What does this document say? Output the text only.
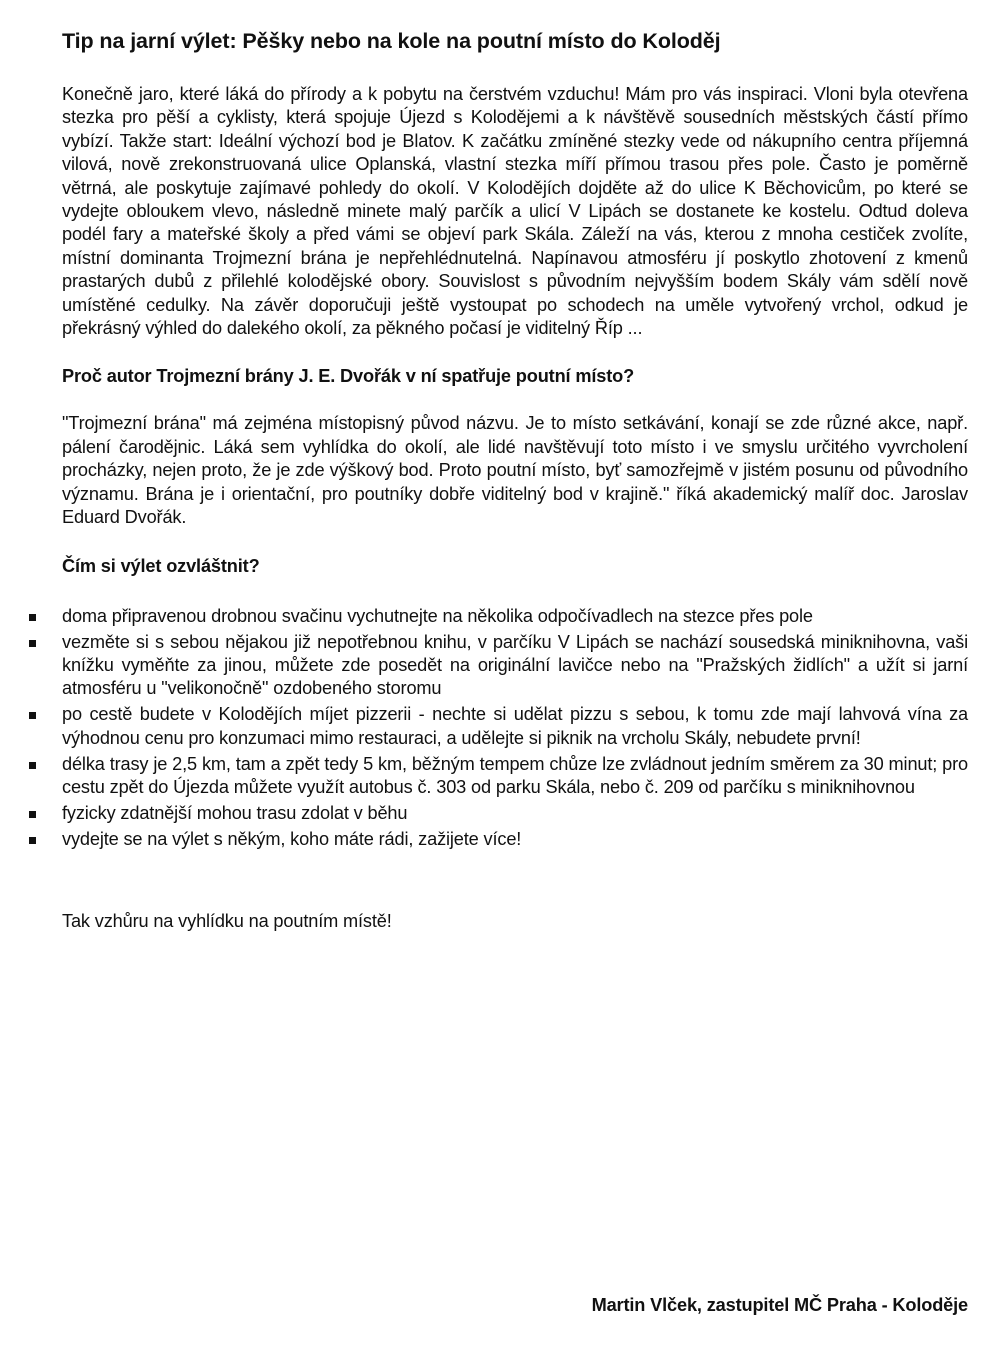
Tip na jarní výlet: Pěšky nebo na kole na poutní místo do Koloděj

Konečně jaro, které láká do přírody a k pobytu na čerstvém vzduchu! Mám pro vás inspiraci. Vloni byla otevřena stezka pro pěší a cyklisty, která spojuje Újezd s Kolodějemi a k návštěvě sousedních městských částí přímo vybízí. Takže start: Ideální výchozí bod je Blatov. K začátku zmíněné stezky vede od nákupního centra příjemná vilová, nově zrekonstruovaná ulice Oplanská, vlastní stezka míří přímou trasou přes pole. Často je poměrně větrná, ale poskytuje zajímavé pohledy do okolí. V Kolodějích dojděte až do ulice K Běchovicům, po které se vydejte obloukem vlevo, následně minete malý parčík a ulicí V Lipách se dostanete ke kostelu. Odtud doleva podél fary a mateřské školy a před vámi se objeví park Skála. Záleží na vás, kterou z mnoha cestiček zvolíte, místní dominanta Trojmezní brána je nepřehlédnutelná. Napínavou atmosféru jí poskytlo zhotovení z kmenů prastarých dubů z přilehlé kolodějské obory. Souvislost s původním nejvyšším bodem Skály vám sdělí nově umístěné cedulky. Na závěr doporučuji ještě vystoupat po schodech na uměle vytvořený vrchol, odkud je překrásný výhled do dalekého okolí, za pěkného počasí je viditelný Říp ...

Proč autor Trojmezní brány J. E. Dvořák v ní spatřuje poutní místo?

"Trojmezní brána" má zejména místopisný původ názvu. Je to místo setkávání, konají se zde různé akce, např. pálení čarodějnic. Láká sem vyhlídka do okolí, ale lidé navštěvují toto místo i ve smyslu určitého vyvrcholení procházky, nejen proto, že je zde výškový bod. Proto poutní místo, byť samozřejmě v jistém posunu od původního významu. Brána je i orientační, pro poutníky dobře viditelný bod v krajině." říká akademický malíř doc. Jaroslav Eduard Dvořák.

Čím si výlet ozvláštnit?
doma připravenou drobnou svačinu vychutnejte na několika odpočívadlech na stezce přes pole
vezměte si s sebou nějakou již nepotřebnou knihu, v parčíku V Lipách se nachází sousedská miniknihovna, vaši knížku vyměňte za jinou, můžete zde posedět na originální lavičce nebo na "Pražských židlích" a užít si jarní atmosféru u "velikonočně" ozdobeného storomu
po cestě budete v Kolodějích míjet pizzerii - nechte si udělat pizzu s sebou, k tomu zde mají lahvová vína za výhodnou cenu pro konzumaci mimo restauraci, a udělejte si piknik na vrcholu Skály, nebudete první!
délka trasy je 2,5 km, tam a zpět tedy 5 km, běžným tempem chůze lze zvládnout jedním směrem za 30 minut; pro cestu zpět do Újezda můžete využít autobus č. 303 od parku Skála, nebo č. 209 od parčíku s miniknihovnou
fyzicky zdatnější mohou trasu zdolat v běhu
vydejte se na výlet s někým, koho máte rádi, zažijete více!

Tak vzhůru na vyhlídku na poutním místě!

Martin Vlček, zastupitel MČ Praha - Koloděje
